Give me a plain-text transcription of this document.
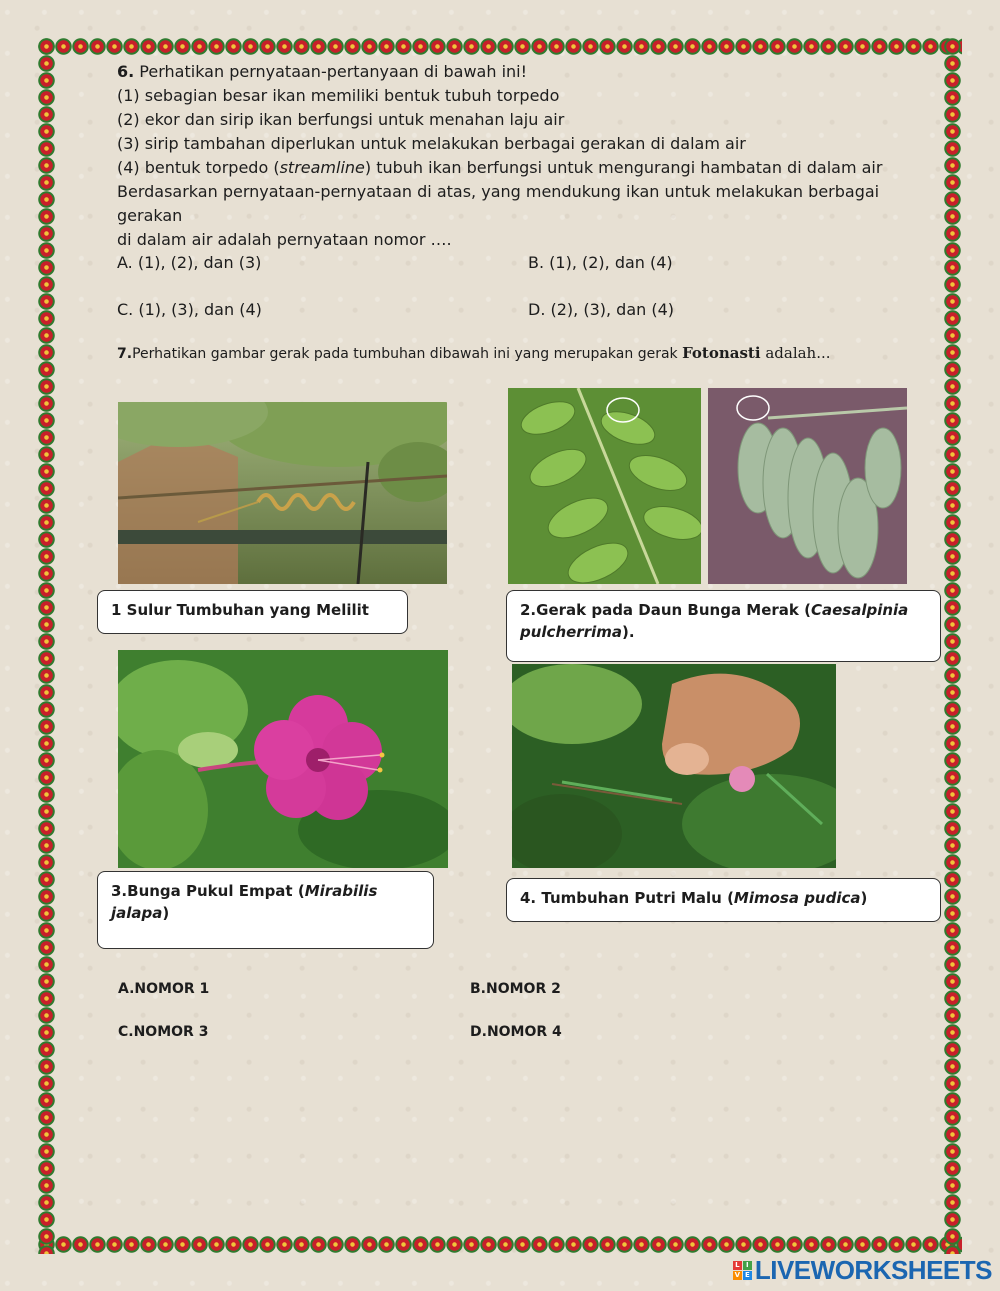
6. Perhatikan pernyataan-pertanyaan di bawah ini!

(1) sebagian besar ikan memiliki bentuk tubuh torpedo

(2) ekor dan sirip ikan berfungsi untuk menahan laju air

(3) sirip tambahan diperlukan untuk melakukan berbagai gerakan di dalam air

(4) bentuk torpedo (streamline) tubuh ikan berfungsi untuk mengurangi hambatan di dalam air

Berdasarkan pernyataan-pernyataan di atas, yang mendukung ikan untuk melakukan berbagai gerakan

di dalam air adalah pernyataan nomor ….

A. (1), (2), dan (3)	B. (1), (2), dan (4)
C. (1), (3), dan (4)	D. (2), (3), dan (4)
7.Perhatikan gambar gerak pada tumbuhan dibawah ini yang merupakan gerak Fotonasti adalah...
1 Sulur Tumbuhan yang Melilit	2.Gerak pada Daun Bunga Merak (Caesalpinia pulcherrima).
3.Bunga Pukul Empat (Mirabilis jalapa)
4. Tumbuhan Putri Malu (Mimosa pudica)
A.NOMOR 1	B.NOMOR 2
C.NOMOR 3	D.NOMOR 4
L I
V E LIVEWORKSHEETS
